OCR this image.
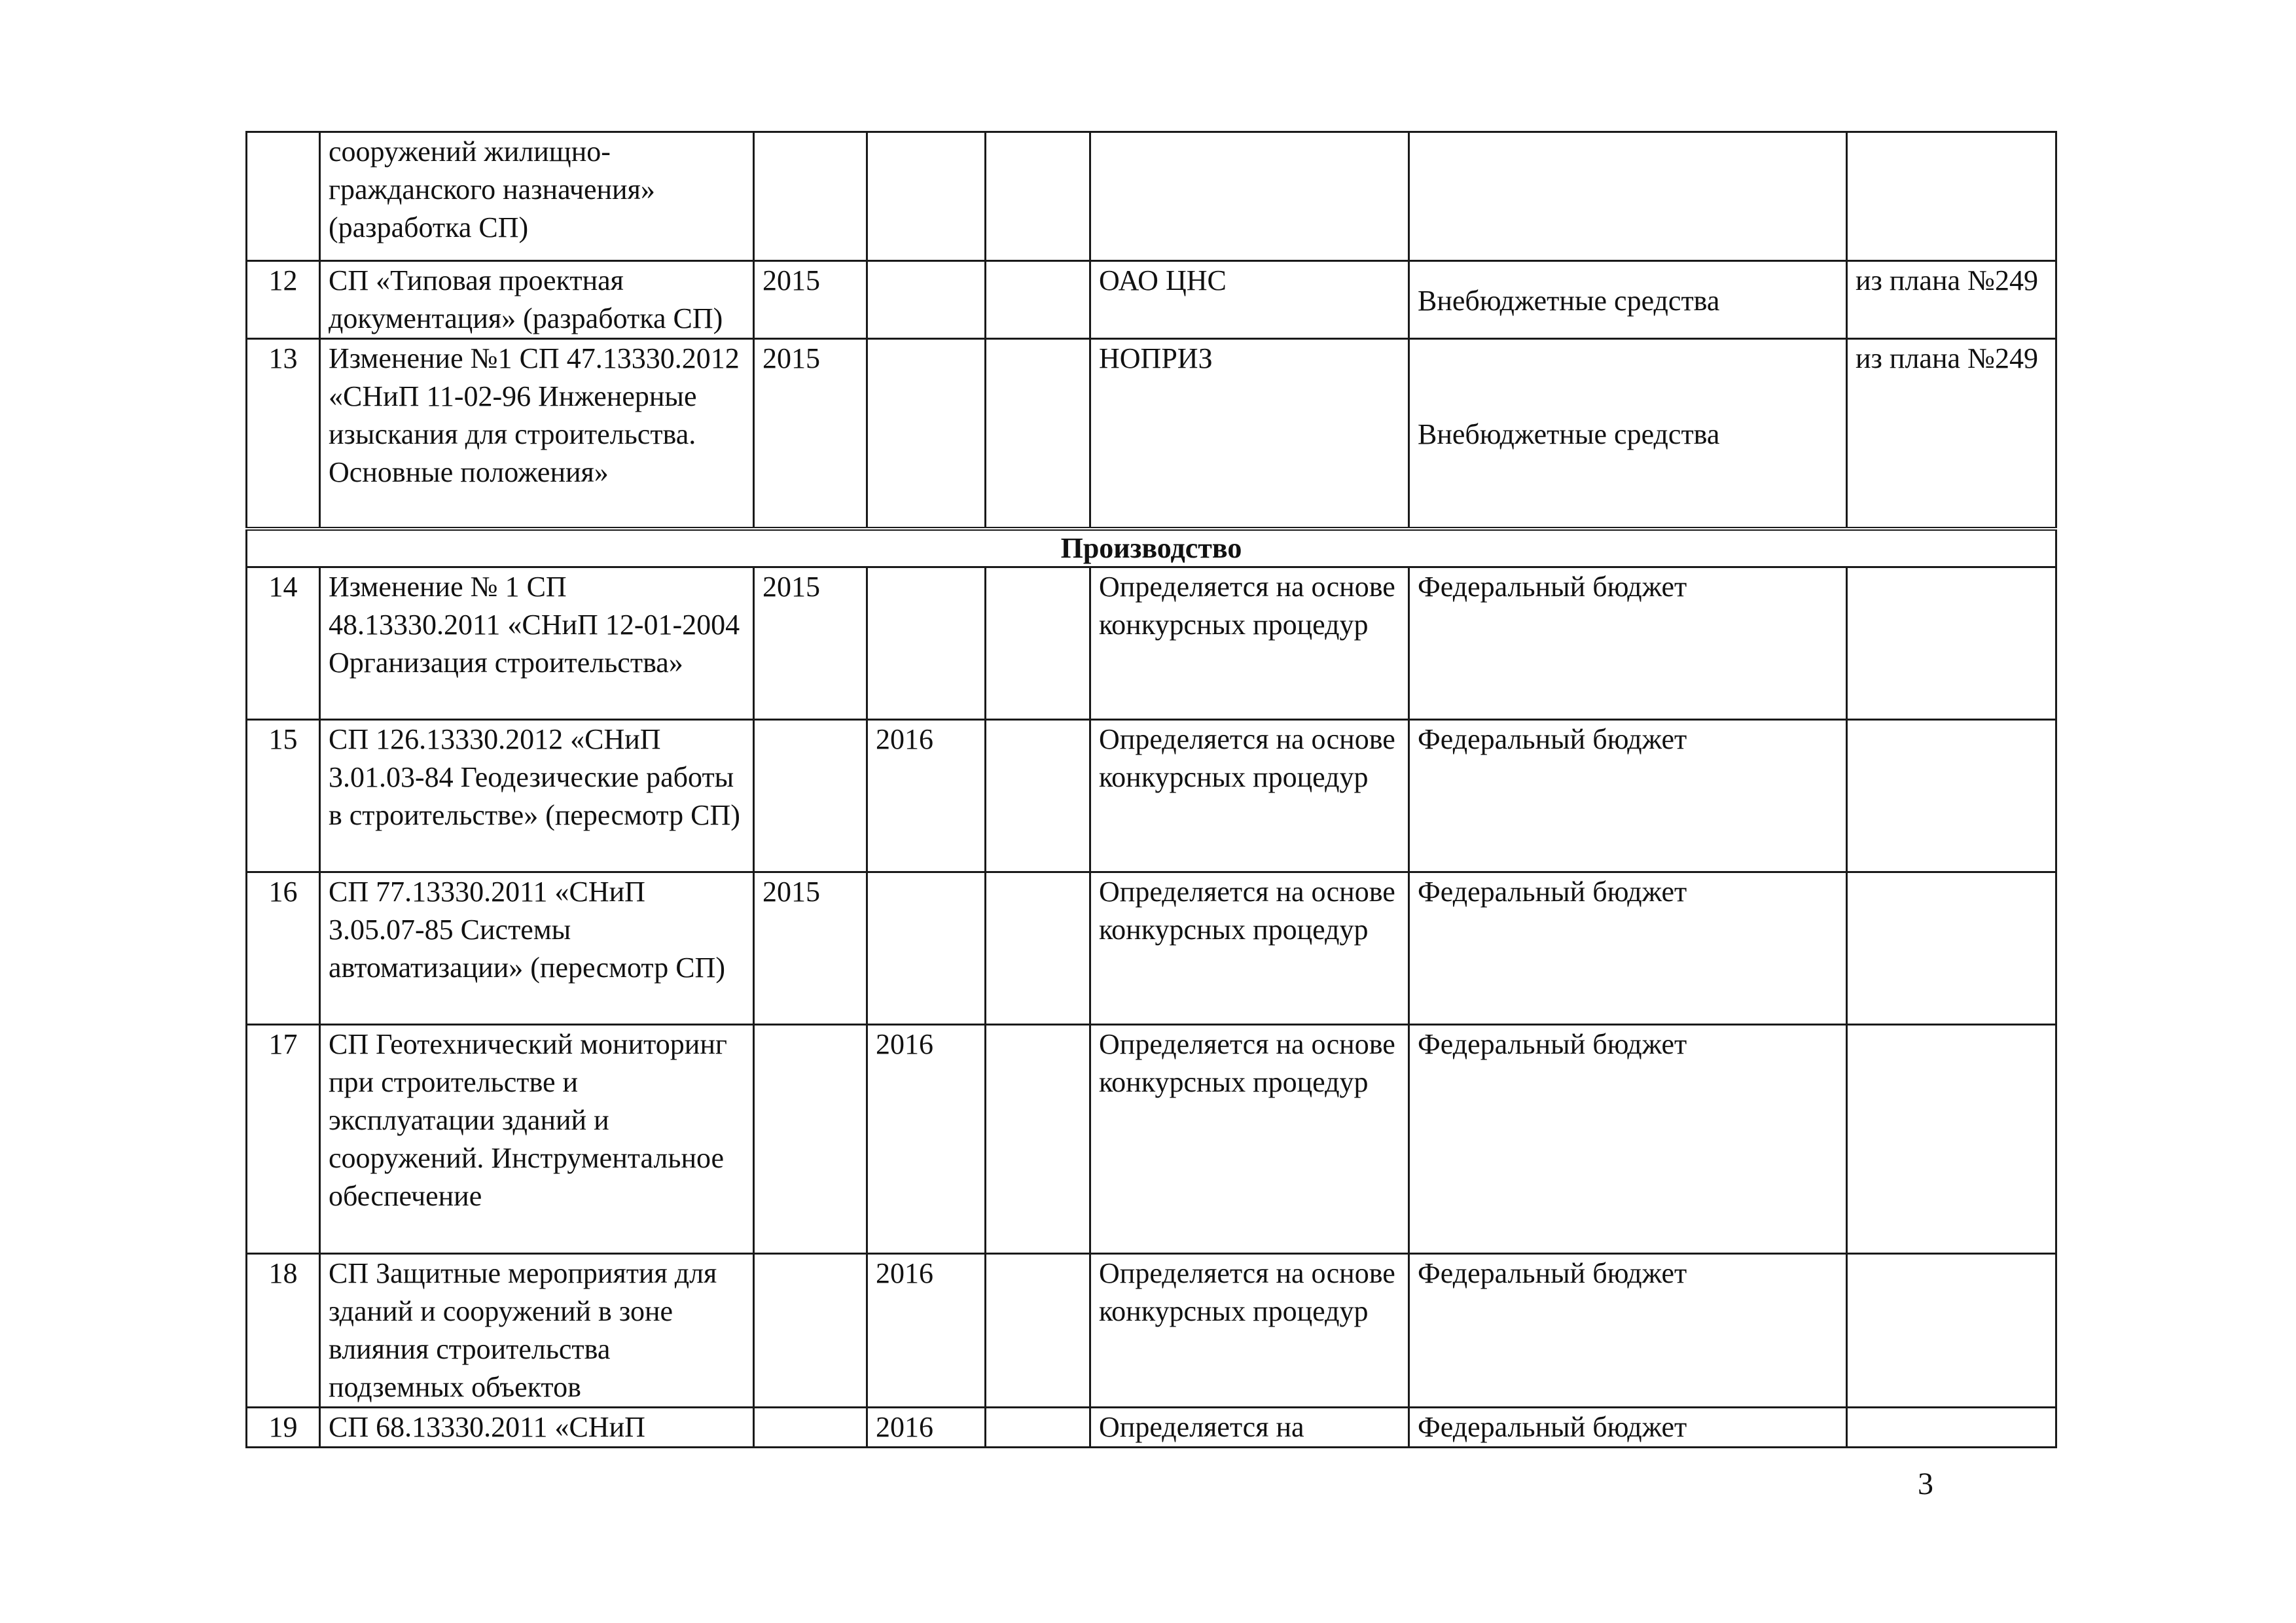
	сооружений жилищно-гражданского назначения» (разработка СП)						
12	СП «Типовая проектная документация» (разработка СП)	2015			ОАО ЦНС	Внебюджетные средства	из плана №249
13	Изменение №1 СП 47.13330.2012 «СНиП 11-02-96 Инженерные изыскания для строительства. Основные положения»	2015			НОПРИЗ	Внебюджетные средства	из плана №249
Производство							
14	Изменение № 1 СП 48.13330.2011 «СНиП 12-01-2004 Организация строительства»	2015			Определяется на основе конкурсных процедур	Федеральный бюджет	
15	СП 126.13330.2012 «СНиП 3.01.03-84 Геодезические работы в строительстве» (пересмотр СП)		2016		Определяется на основе конкурсных процедур	Федеральный бюджет	
16	СП 77.13330.2011 «СНиП 3.05.07-85 Системы автоматизации» (пересмотр СП)	2015			Определяется на основе конкурсных процедур	Федеральный бюджет	
17	СП Геотехнический мониторинг при строительстве и эксплуатации зданий и сооружений. Инструментальное обеспечение		2016		Определяется на основе конкурсных процедур	Федеральный бюджет	
18	СП Защитные мероприятия для зданий и сооружений в зоне влияния строительства подземных объектов		2016		Определяется на основе конкурсных процедур	Федеральный бюджет	
19	СП 68.13330.2011 «СНиП		2016		Определяется на	Федеральный бюджет	
3
